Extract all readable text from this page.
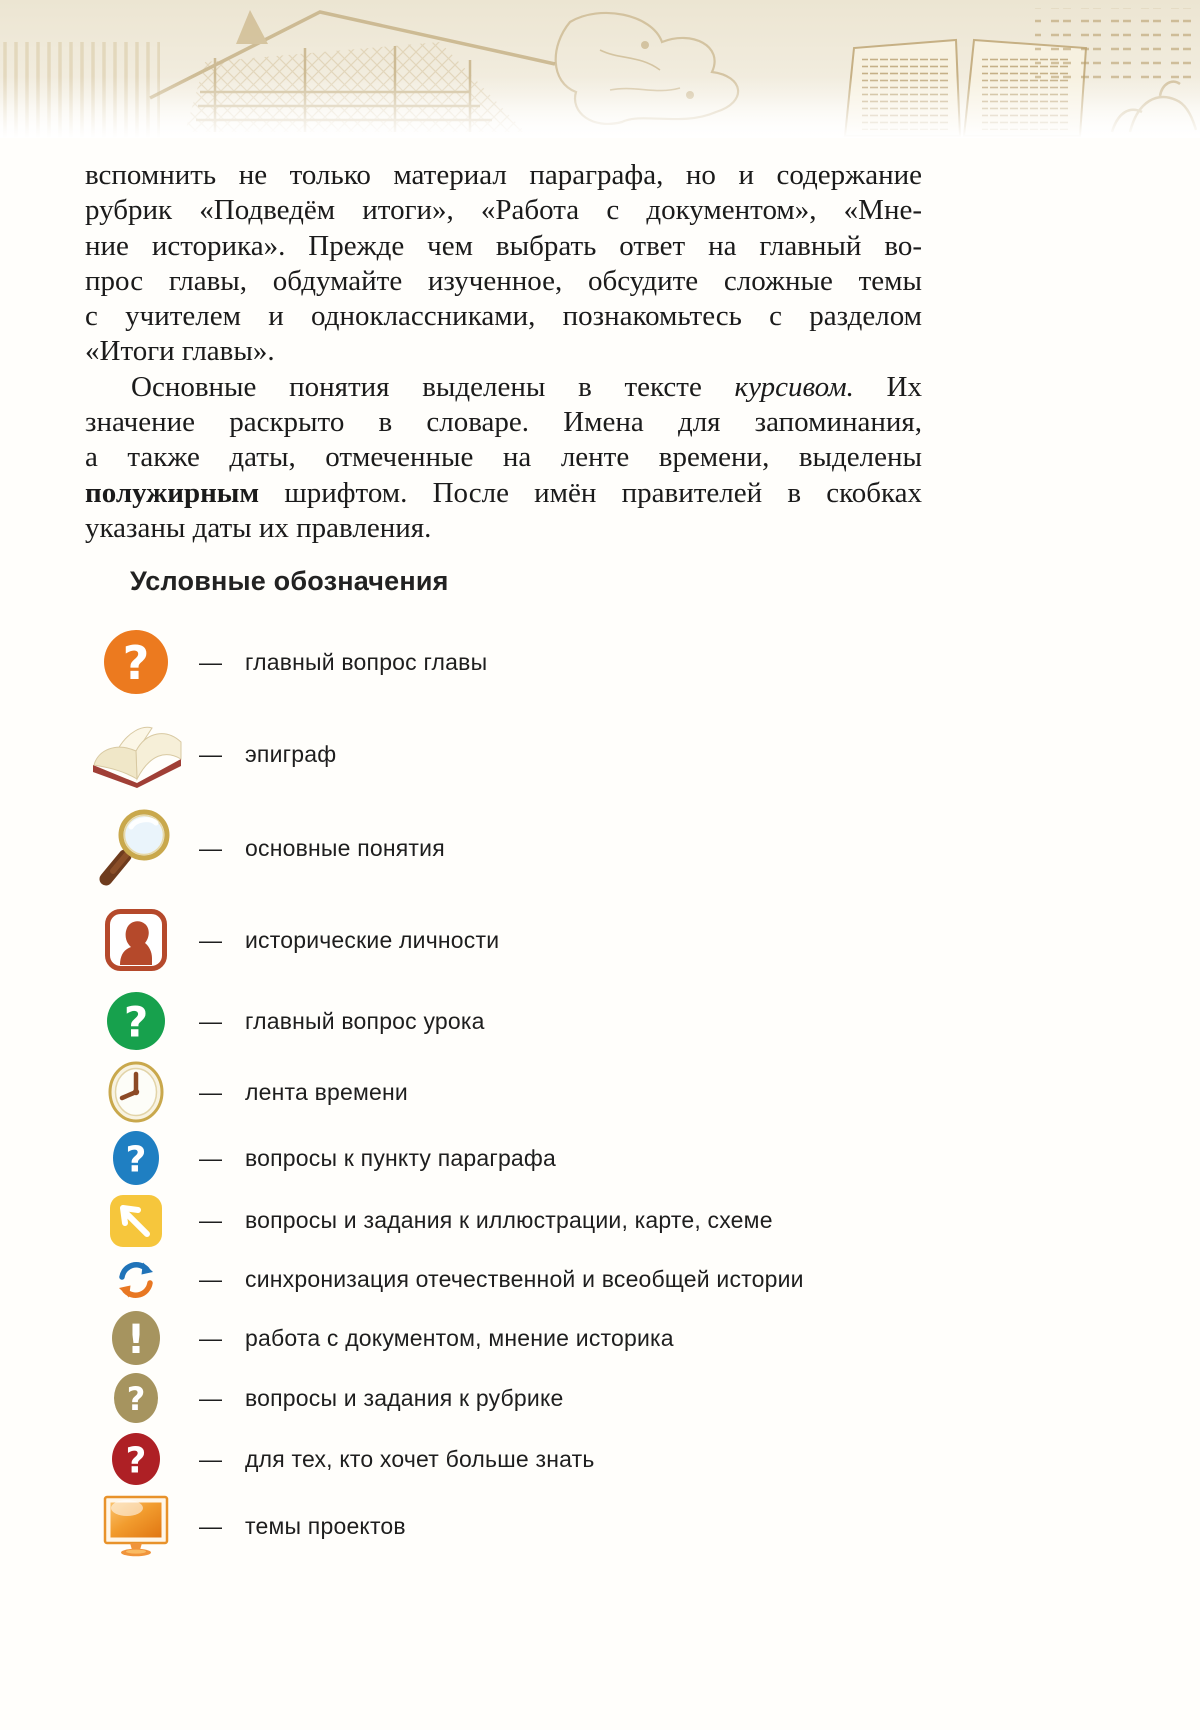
вспомнить не только материал параграфа, но и содержание
рубрик «Подведём итоги», «Работа с документом», «Мне-
ние историка». Прежде чем выбрать ответ на главный во-
прос главы, обдумайте изученное, обсудите сложные темы
с учителем и одноклассниками, познакомьтесь с разделом
«Итоги главы».
Основные понятия выделены в тексте курсивом. Их
значение раскрыто в словаре. Имена для запоминания,
а также даты, отмеченные на ленте времени, выделены
полужирным шрифтом. После имён правителей в скобках
указаны даты их правления.
Условные обозначения
? —	главный вопрос главы
—	эпиграф
—	основные понятия
—	исторические личности
? —	главный вопрос урока
—	лента времени
? —	вопросы к пункту параграфа
—	вопросы и задания к иллюстрации, карте, схеме
—	синхронизация отечественной и всеобщей истории
! —	работа с документом, мнение историка
? —	вопросы и задания к рубрике
? —	для тех, кто хочет больше знать
—	темы проектов
